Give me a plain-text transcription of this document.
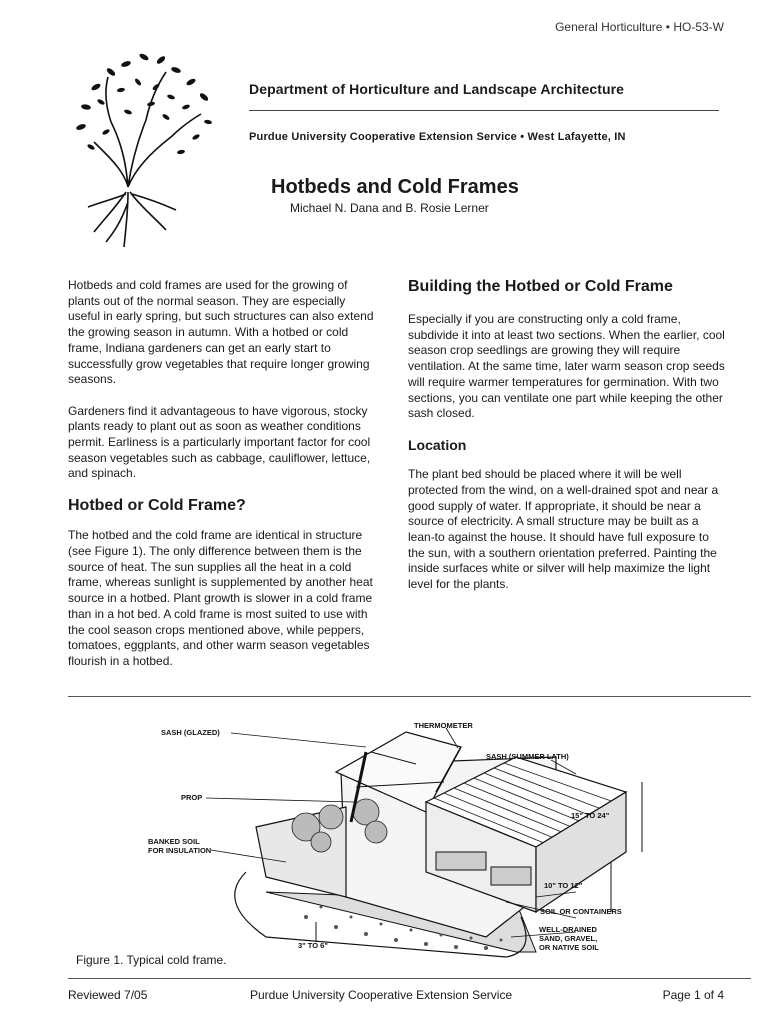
General Horticulture • HO-53-W
Department of Horticulture and Landscape Architecture
Purdue University Cooperative Extension Service • West Lafayette, IN
Hotbeds and Cold Frames
Michael N. Dana and B. Rosie Lerner

Hotbeds and cold frames are used for the growing of plants out of the normal season. They are especially useful in early spring, but such structures can also extend the growing season in autumn. With a hotbed or cold frame, Indiana gardeners can get an early start to successfully grow vegetables that require longer growing seasons.

Gardeners find it advantageous to have vigorous, stocky plants ready to plant out as soon as weather conditions permit. Earliness is a particularly important factor for cool season vegetables such as cabbage, cauliflower, lettuce, and spinach.

Hotbed or Cold Frame?

The hotbed and the cold frame are identical in structure (see Figure 1). The only difference between them is the source of heat. The sun supplies all the heat in a cold frame, whereas sunlight is supplemented by another heat source in a hotbed. Plant growth is slower in a cold frame than in a hot bed. A cold frame is most suited to use with the cool season crops mentioned above, while peppers, tomatoes, eggplants, and other warm season vegetables flourish in a hotbed.

Building the Hotbed or Cold Frame

Especially if you are constructing only a cold frame, subdivide it into at least two sections. When the earlier, cool season crop seedlings are growing they will require ventilation. At the same time, later warm season crop seeds will require warmer temperatures for germination. With two sections, you can ventilate one part while keeping the other sash closed.

Location

The plant bed should be placed where it will be well protected from the wind, on a well-drained spot and near a good supply of water. If appropriate, it should be near a source of electricity. A small structure may be built as a lean-to against the house. It should have full exposure to the sun, with a southern orientation preferred. Painting the inside surfaces white or silver will help maximize the light level for the plants.

SASH (GLAZED)
THERMOMETER
SASH (SUMMER LATH)
PROP
BANKED SOIL
FOR INSULATION
15" TO 24"
10" TO 12"
SOIL OR CONTAINERS
WELL-DRAINED
SAND, GRAVEL,
OR NATIVE SOIL
3" TO 6"
Figure 1. Typical cold frame.
Reviewed 7/05	Purdue University Cooperative Extension Service	Page 1 of 4
